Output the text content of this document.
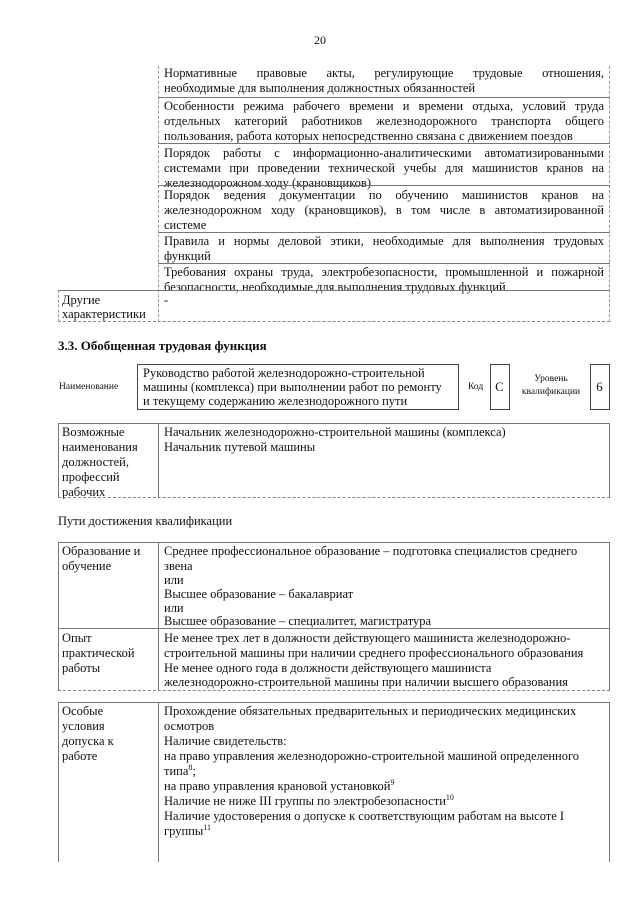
20
Нормативные правовые акты, регулирующие трудовые отношения,
необходимые для выполнения должностных обязанностей
Особенности режима рабочего времени и времени отдыха, условий труда
отдельных категорий работников железнодорожного транспорта общего
пользования, работа которых непосредственно связана с движением поездов
Порядок работы с информационно-аналитическими автоматизированными
системами при проведении технической учебы для машинистов кранов на
железнодорожном ходу (крановщиков)
Порядок ведения документации по обучению машинистов кранов на
железнодорожном ходу (крановщиков), в том числе в автоматизированной
системе
Правила и нормы деловой этики, необходимые для выполнения трудовых
функций
Требования охраны труда, электробезопасности, промышленной и пожарной
безопасности, необходимые для выполнения трудовых функций
Другие
характеристики
-
3.3. Обобщенная трудовая функция
Наименование
Руководство работой железнодорожно-строительной
машины (комплекса) при выполнении работ по ремонту
и текущему содержанию железнодорожного пути
Код C	Уровень
квалификации	6
Возможные
наименования
должностей,
профессий
рабочих
Начальник железнодорожно-строительной машины (комплекса)
Начальник путевой машины
Пути достижения квалификации
Образование и
обучение
Среднее профессиональное образование – подготовка специалистов среднего
звена
или
Высшее образование – бакалавриат
или
Высшее образование – специалитет, магистратура
Опыт
практической
работы
Не менее трех лет в должности действующего машиниста железнодорожно-
строительной машины при наличии среднего профессионального образования
Не менее одного года в должности действующего машиниста
железнодорожно-строительной машины при наличии высшего образования
Особые
условия
допуска к
работе
Прохождение обязательных предварительных и периодических медицинских
осмотров
Наличие свидетельств:
на право управления железнодорожно-строительной машиной определенного
типа$^8$;
на право управления крановой установкой$^9$
Наличие не ниже III группы по электробезопасности$^{10}$
Наличие удостоверения о допуске к соответствующим работам на высоте I
группы$^{11}$
